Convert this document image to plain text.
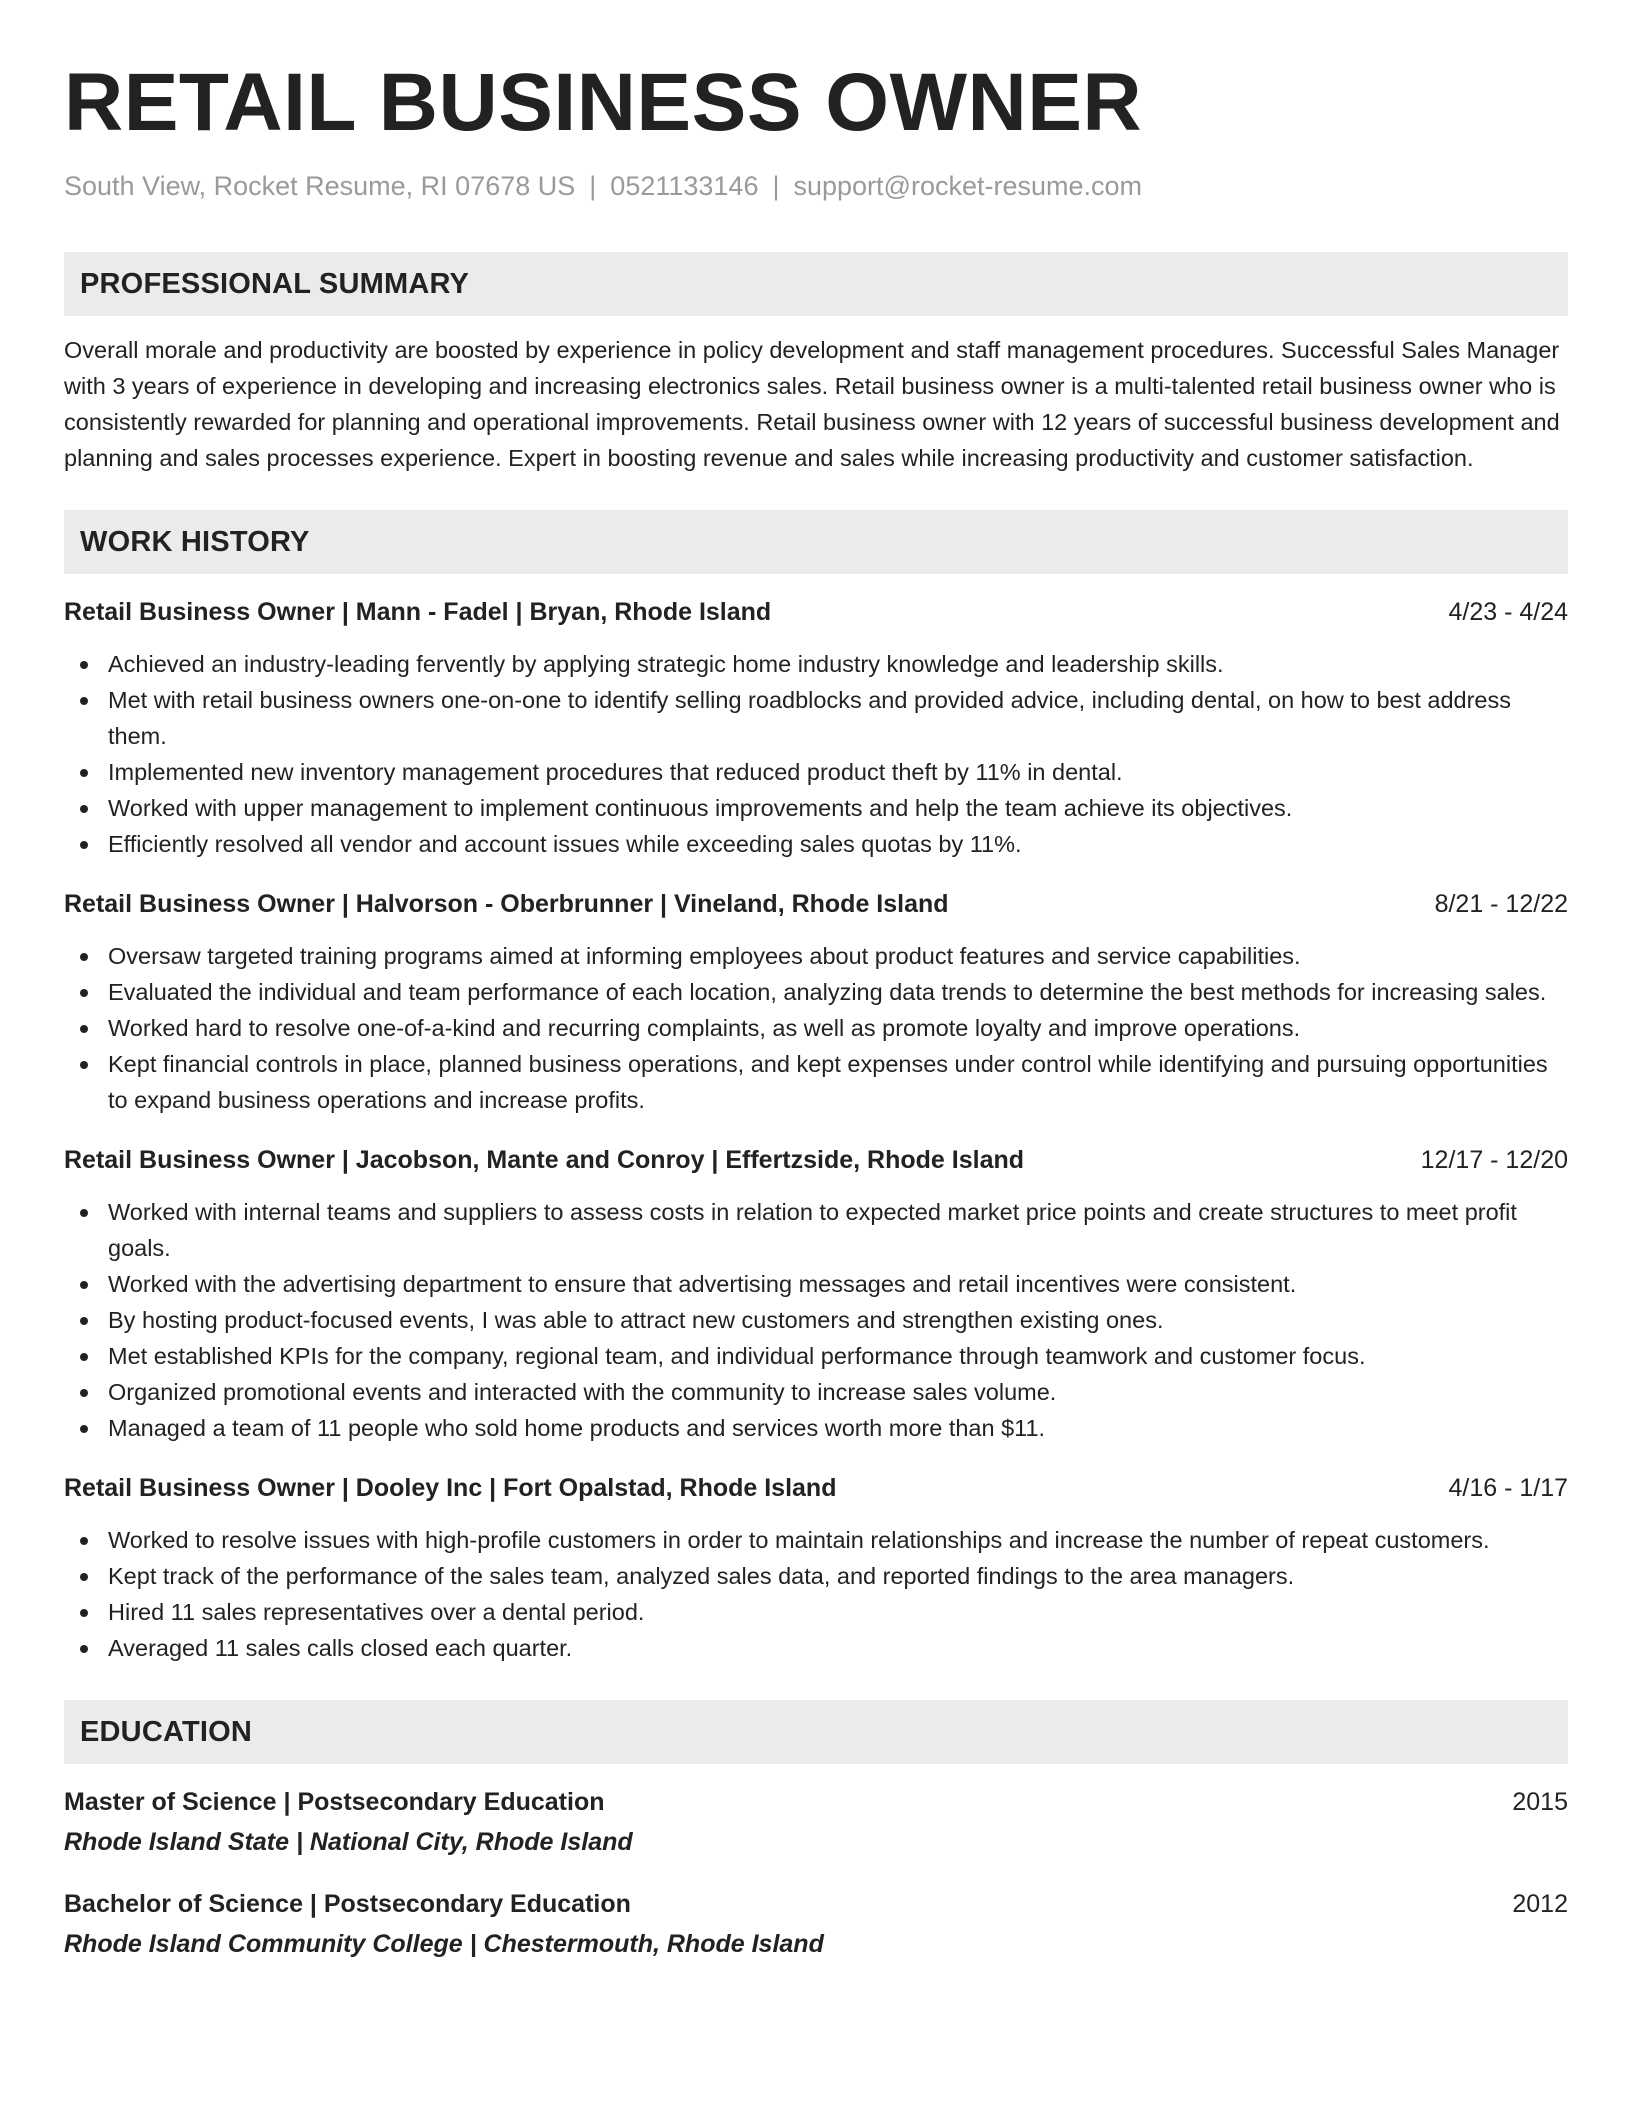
RETAIL BUSINESS OWNER
South View, Rocket Resume, RI 07678 US | 0521133146 | support@rocket-resume.com
PROFESSIONAL SUMMARY
Overall morale and productivity are boosted by experience in policy development and staff management procedures. Successful Sales Manager with 3 years of experience in developing and increasing electronics sales. Retail business owner is a multi-talented retail business owner who is consistently rewarded for planning and operational improvements. Retail business owner with 12 years of successful business development and planning and sales processes experience. Expert in boosting revenue and sales while increasing productivity and customer satisfaction.
WORK HISTORY
Retail Business Owner | Mann - Fadel | Bryan, Rhode Island	4/23 - 4/24
Achieved an industry-leading fervently by applying strategic home industry knowledge and leadership skills.
Met with retail business owners one-on-one to identify selling roadblocks and provided advice, including dental, on how to best address them.
Implemented new inventory management procedures that reduced product theft by 11% in dental.
Worked with upper management to implement continuous improvements and help the team achieve its objectives.
Efficiently resolved all vendor and account issues while exceeding sales quotas by 11%.
Retail Business Owner | Halvorson - Oberbrunner | Vineland, Rhode Island	8/21 - 12/22
Oversaw targeted training programs aimed at informing employees about product features and service capabilities.
Evaluated the individual and team performance of each location, analyzing data trends to determine the best methods for increasing sales.
Worked hard to resolve one-of-a-kind and recurring complaints, as well as promote loyalty and improve operations.
Kept financial controls in place, planned business operations, and kept expenses under control while identifying and pursuing opportunities to expand business operations and increase profits.
Retail Business Owner | Jacobson, Mante and Conroy | Effertzside, Rhode Island	12/17 - 12/20
Worked with internal teams and suppliers to assess costs in relation to expected market price points and create structures to meet profit goals.
Worked with the advertising department to ensure that advertising messages and retail incentives were consistent.
By hosting product-focused events, I was able to attract new customers and strengthen existing ones.
Met established KPIs for the company, regional team, and individual performance through teamwork and customer focus.
Organized promotional events and interacted with the community to increase sales volume.
Managed a team of 11 people who sold home products and services worth more than $11.
Retail Business Owner | Dooley Inc | Fort Opalstad, Rhode Island	4/16 - 1/17
Worked to resolve issues with high-profile customers in order to maintain relationships and increase the number of repeat customers.
Kept track of the performance of the sales team, analyzed sales data, and reported findings to the area managers.
Hired 11 sales representatives over a dental period.
Averaged 11 sales calls closed each quarter.
EDUCATION
Master of Science | Postsecondary Education	2015
Rhode Island State | National City, Rhode Island
Bachelor of Science | Postsecondary Education	2012
Rhode Island Community College | Chestermouth, Rhode Island
